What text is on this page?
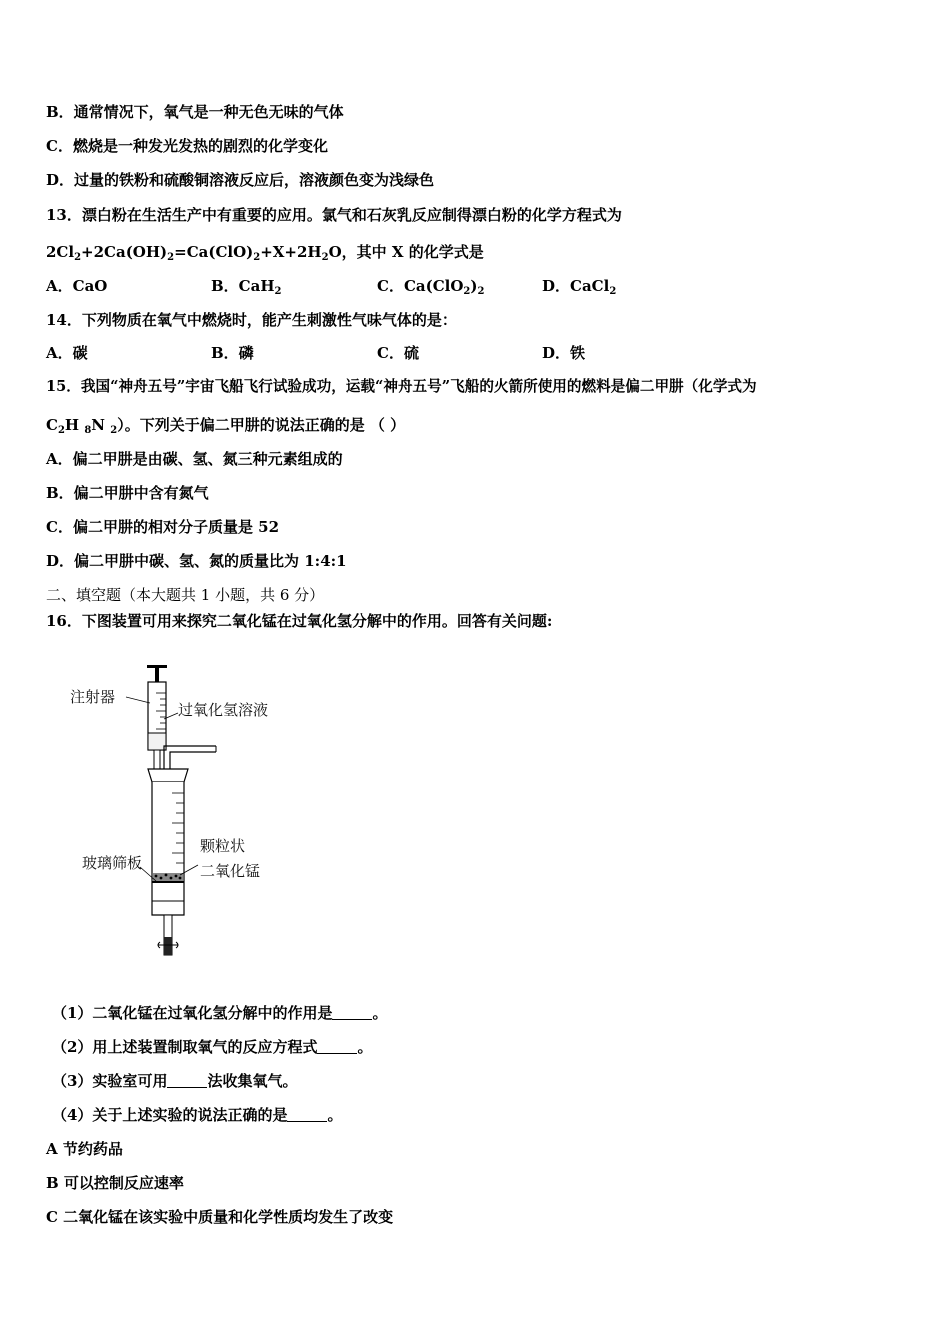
B．通常情况下，氧气是一种无色无味的气体
C．燃烧是一种发光发热的剧烈的化学变化
D．过量的铁粉和硫酸铜溶液反应后，溶液颜色变为浅绿色
13．漂白粉在生活生产中有重要的应用。氯气和石灰乳反应制得漂白粉的化学方程式为
$2Cl_2+2Ca(OH)_2=Ca(ClO)_2+X+2H_2O$，其中 X 的化学式是
A．CaO	B．CaH$_2$	C．$Ca(ClO_2)_2$	D．CaCl$_2$
14．下列物质在氧气中燃烧时，能产生刺激性气味气体的是：
A．碳	B．磷	C．硫	D．铁
15．我国“神舟五号”宇宙飞船飞行试验成功，运载“神舟五号”飞船的火箭所使用的燃料是偏二甲肼（化学式为
$C_2H$ $_8$N $_2$）。下列关于偏二甲肼的说法正确的是 （ ）
A．偏二甲肼是由碳、氢、氮三种元素组成的
B．偏二甲肼中含有氮气
C．偏二甲肼的相对分子质量是 52
D．偏二甲肼中碳、氢、氮的质量比为 1:4:1
二、填空题（本大题共 1 小题，共 6 分）
16．下图装置可用来探究二氧化锰在过氧化氢分解中的作用。回答有关问题:
注射器
过氧化氢溶液
玻璃筛板
颗粒状
二氧化锰
（1）二氧化锰在过氧化氢分解中的作用是	。
（2）用上述装置制取氧气的反应方程式	。
（3）实验室可用	法收集氧气。
（4）关于上述实验的说法正确的是	。
A 节约药品
B 可以控制反应速率
C 二氧化锰在该实验中质量和化学性质均发生了改变
